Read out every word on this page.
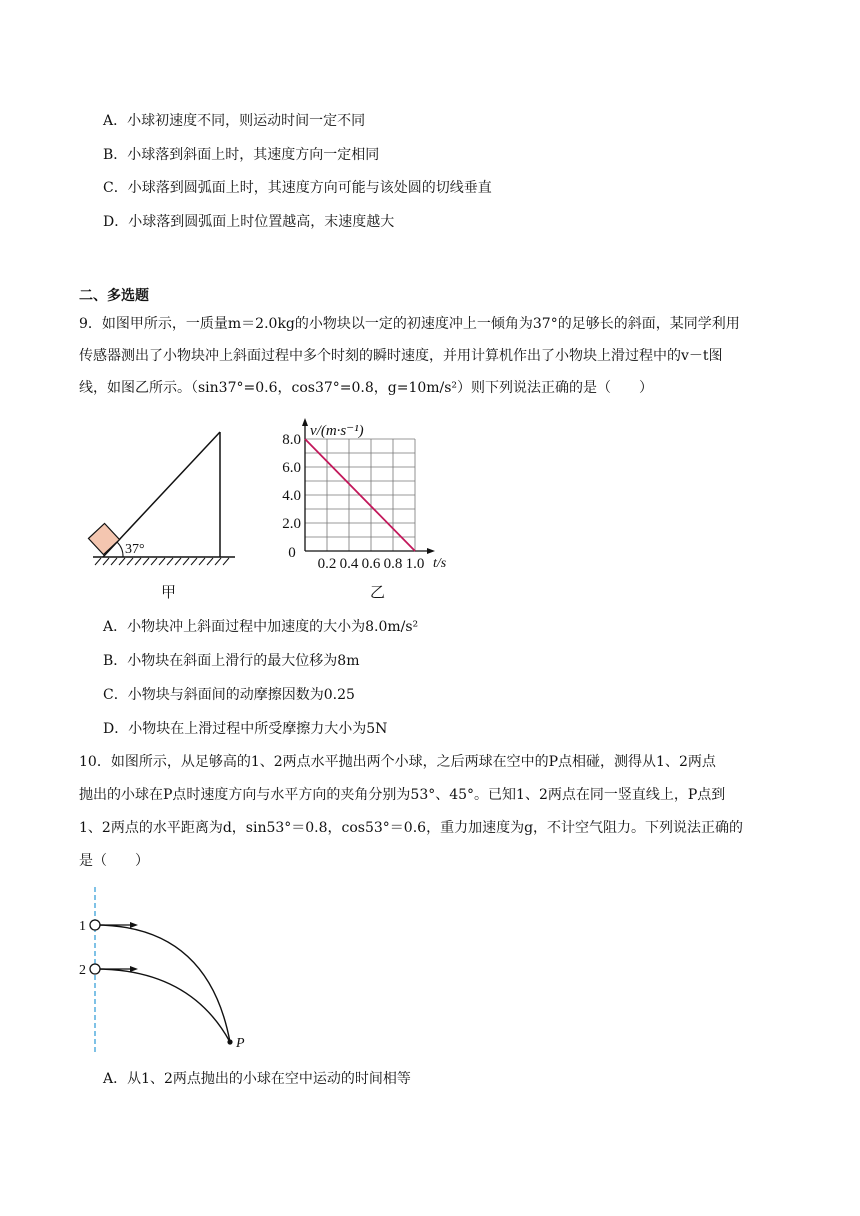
A．小球初速度不同，则运动时间一定不同
B．小球落到斜面上时，其速度方向一定相同
C．小球落到圆弧面上时，其速度方向可能与该处圆的切线垂直
D．小球落到圆弧面上时位置越高，末速度越大
二、多选题
9．如图甲所示，一质量m＝2.0kg的小物块以一定的初速度冲上一倾角为37°的足够长的斜面，某同学利用
传感器测出了小物块冲上斜面过程中多个时刻的瞬时速度，并用计算机作出了小物块上滑过程中的v－t图
线，如图乙所示。（sin37°=0.6，cos37°=0.8，g=10m/s²）则下列说法正确的是（　　）
37°
甲
v/(m·s⁻¹)
t/s
2.0
4.0
6.0
8.0
0
0.2 0.4 0.6 0.8 1.0
乙
A．小物块冲上斜面过程中加速度的大小为8.0m/s²
B．小物块在斜面上滑行的最大位移为8m
C．小物块与斜面间的动摩擦因数为0.25
D．小物块在上滑过程中所受摩擦力大小为5N
10．如图所示，从足够高的1、2两点水平抛出两个小球，之后两球在空中的P点相碰，测得从1、2两点
抛出的小球在P点时速度方向与水平方向的夹角分别为53°、45°。已知1、2两点在同一竖直线上，P点到
1、2两点的水平距离为d，sin53°＝0.8，cos53°＝0.6，重力加速度为g，不计空气阻力。下列说法正确的
是（　　）
1
2
P
A．从1、2两点抛出的小球在空中运动的时间相等
